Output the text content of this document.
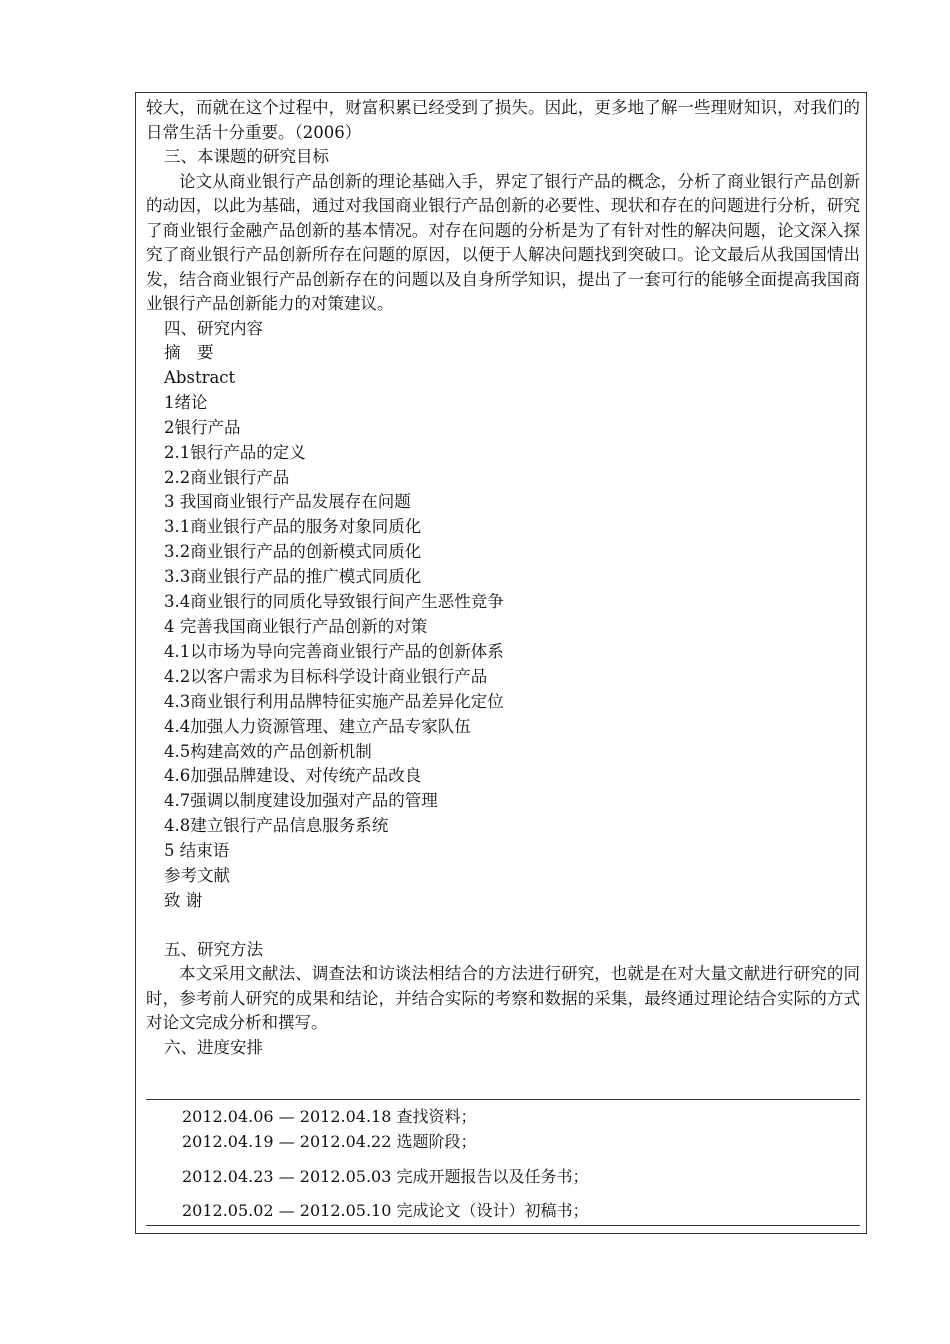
较大，而就在这个过程中，财富积累已经受到了损失。因此，更多地了解一些理财知识，对我们的日常生活十分重要。（2006）

三、本课题的研究目标

论文从商业银行产品创新的理论基础入手，界定了银行产品的概念，分析了商业银行产品创新的动因，以此为基础，通过对我国商业银行产品创新的必要性、现状和存在的问题进行分析，研究了商业银行金融产品创新的基本情况。对存在问题的分析是为了有针对性的解决问题，论文深入探究了商业银行产品创新所存在问题的原因，以便于人解决问题找到突破口。论文最后从我国国情出发，结合商业银行产品创新存在的问题以及自身所学知识，提出了一套可行的能够全面提高我国商业银行产品创新能力的对策建议。

四、研究内容

摘　要
Abstract
1绪论
2银行产品
2.1银行产品的定义
2.2商业银行产品
3 我国商业银行产品发展存在问题
3.1商业银行产品的服务对象同质化
3.2商业银行产品的创新模式同质化
3.3商业银行产品的推广模式同质化
3.4商业银行的同质化导致银行间产生恶性竞争
4 完善我国商业银行产品创新的对策
4.1以市场为导向完善商业银行产品的创新体系
4.2以客户需求为目标科学设计商业银行产品
4.3商业银行利用品牌特征实施产品差异化定位
4.4加强人力资源管理、建立产品专家队伍
4.5构建高效的产品创新机制
4.6加强品牌建设、对传统产品改良
4.7强调以制度建设加强对产品的管理
4.8建立银行产品信息服务系统
5 结束语
参考文献
致 谢

五、研究方法

本文采用文献法、调查法和访谈法相结合的方法进行研究，也就是在对大量文献进行研究的同时，参考前人研究的成果和结论，并结合实际的考察和数据的采集，最终通过理论结合实际的方式对论文完成分析和撰写。

六、进度安排

2012.04.06 — 2012.04.18 查找资料；
2012.04.19 — 2012.04.22 选题阶段；
2012.04.23 — 2012.05.03 完成开题报告以及任务书；
2012.05.02 — 2012.05.10 完成论文（设计）初稿书；
